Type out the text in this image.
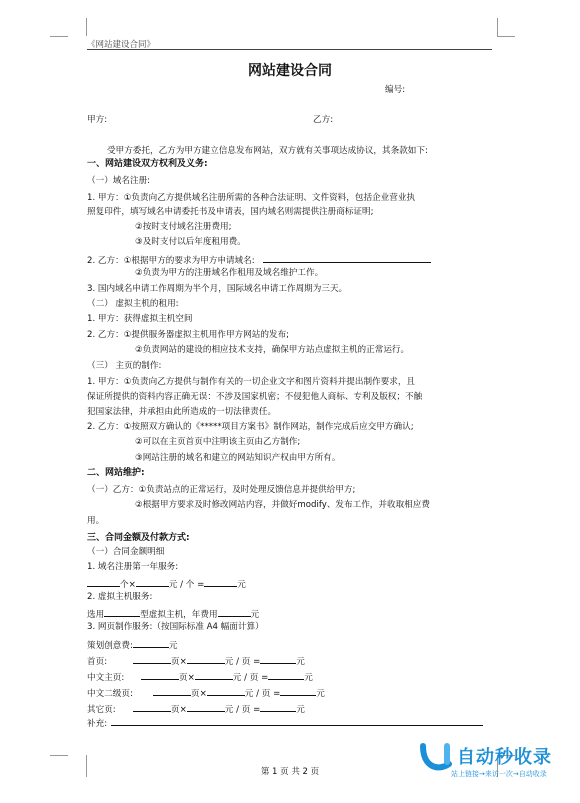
《网站建设合同》
网站建设合同
编号:
甲方:	乙方:
受甲方委托，乙方为甲方建立信息发布网站，双方就有关事项达成协议，其条款如下:
一、网站建设双方权利及义务:
（一）域名注册:
1. 甲方：①负责向乙方提供域名注册所需的各种合法证明、文件资料，包括企业营业执
照复印件，填写域名申请委托书及申请表，国内域名则需提供注册商标证明;
②按时支付域名注册费用;
③及时支付以后年度租用费。
2. 乙方：①根据甲方的要求为甲方申请域名:
②负责为甲方的注册域名作租用及域名维护工作。
3. 国内域名申请工作周期为半个月，国际域名申请工作周期为三天。
（二） 虚拟主机的租用:
1. 甲方：获得虚拟主机空间
2. 乙方：①提供服务器虚拟主机用作甲方网站的发布;
②负责网站的建设的相应技术支持，确保甲方站点虚拟主机的正常运行。
（三） 主页的制作:
1. 甲方：①负责向乙方提供与制作有关的一切企业文字和图片资料并提出制作要求，且
保证所提供的资料内容正确无误：不涉及国家机密；不侵犯他人商标、专利及版权；不触
犯国家法律，并承担由此所造成的一切法律责任。
2. 乙方：①按照双方确认的《*****项目方案书》制作网站，制作完成后应交甲方确认;
②可以在主页首页中注明该主页由乙方制作;
③网站注册的域名和建立的网站知识产权由甲方所有。
二、网站维护:
（一）乙方：①负责站点的正常运行，及时处理反馈信息并提供给甲方;
②根据甲方要求及时修改网站内容，并做好modify、发布工作，并收取相应费
用。
三、合同金额及付款方式:
（一）合同金额明细
1. 域名注册第一年服务:
个×	元 / 个 =	元
2. 虚拟主机服务:
选用	型虚拟主机，年费用	元
3. 网页制作服务:（按国际标准 A4 幅面计算）
策划创意费:	元
首页:	页×	元 / 页 =	元
中文主页:	页×	元 / 页 =	元
中文二级页:	页×	元 / 页 =	元
其它页:	页×	元 / 页 =	元
补充:
第 1 页 共 2 页
自动秒收录
站上链接→来访一次→自动收录
